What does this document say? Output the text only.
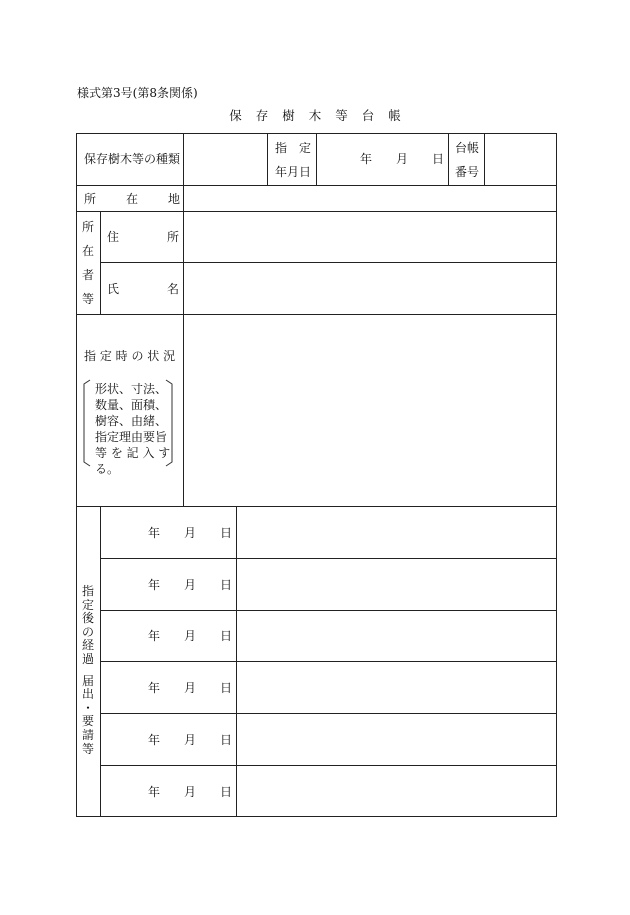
様式第3号(第8条関係)
保 存 樹 木 等 台 帳
保存樹木等の種類
指　定
年月日
年 月 日
台帳
番号
所 在 地
所
在
者
等
住	所
氏	名
指 定 時 の 状 況
形状、寸法、
数量、面積、
樹容、由緒、
指定理由要旨
等 を 記 入 す
る。
指
定
後
の
経
過
届
出
・
要
請
等
年 月 日
年 月 日
年 月 日
年 月 日
年 月 日
年 月 日
